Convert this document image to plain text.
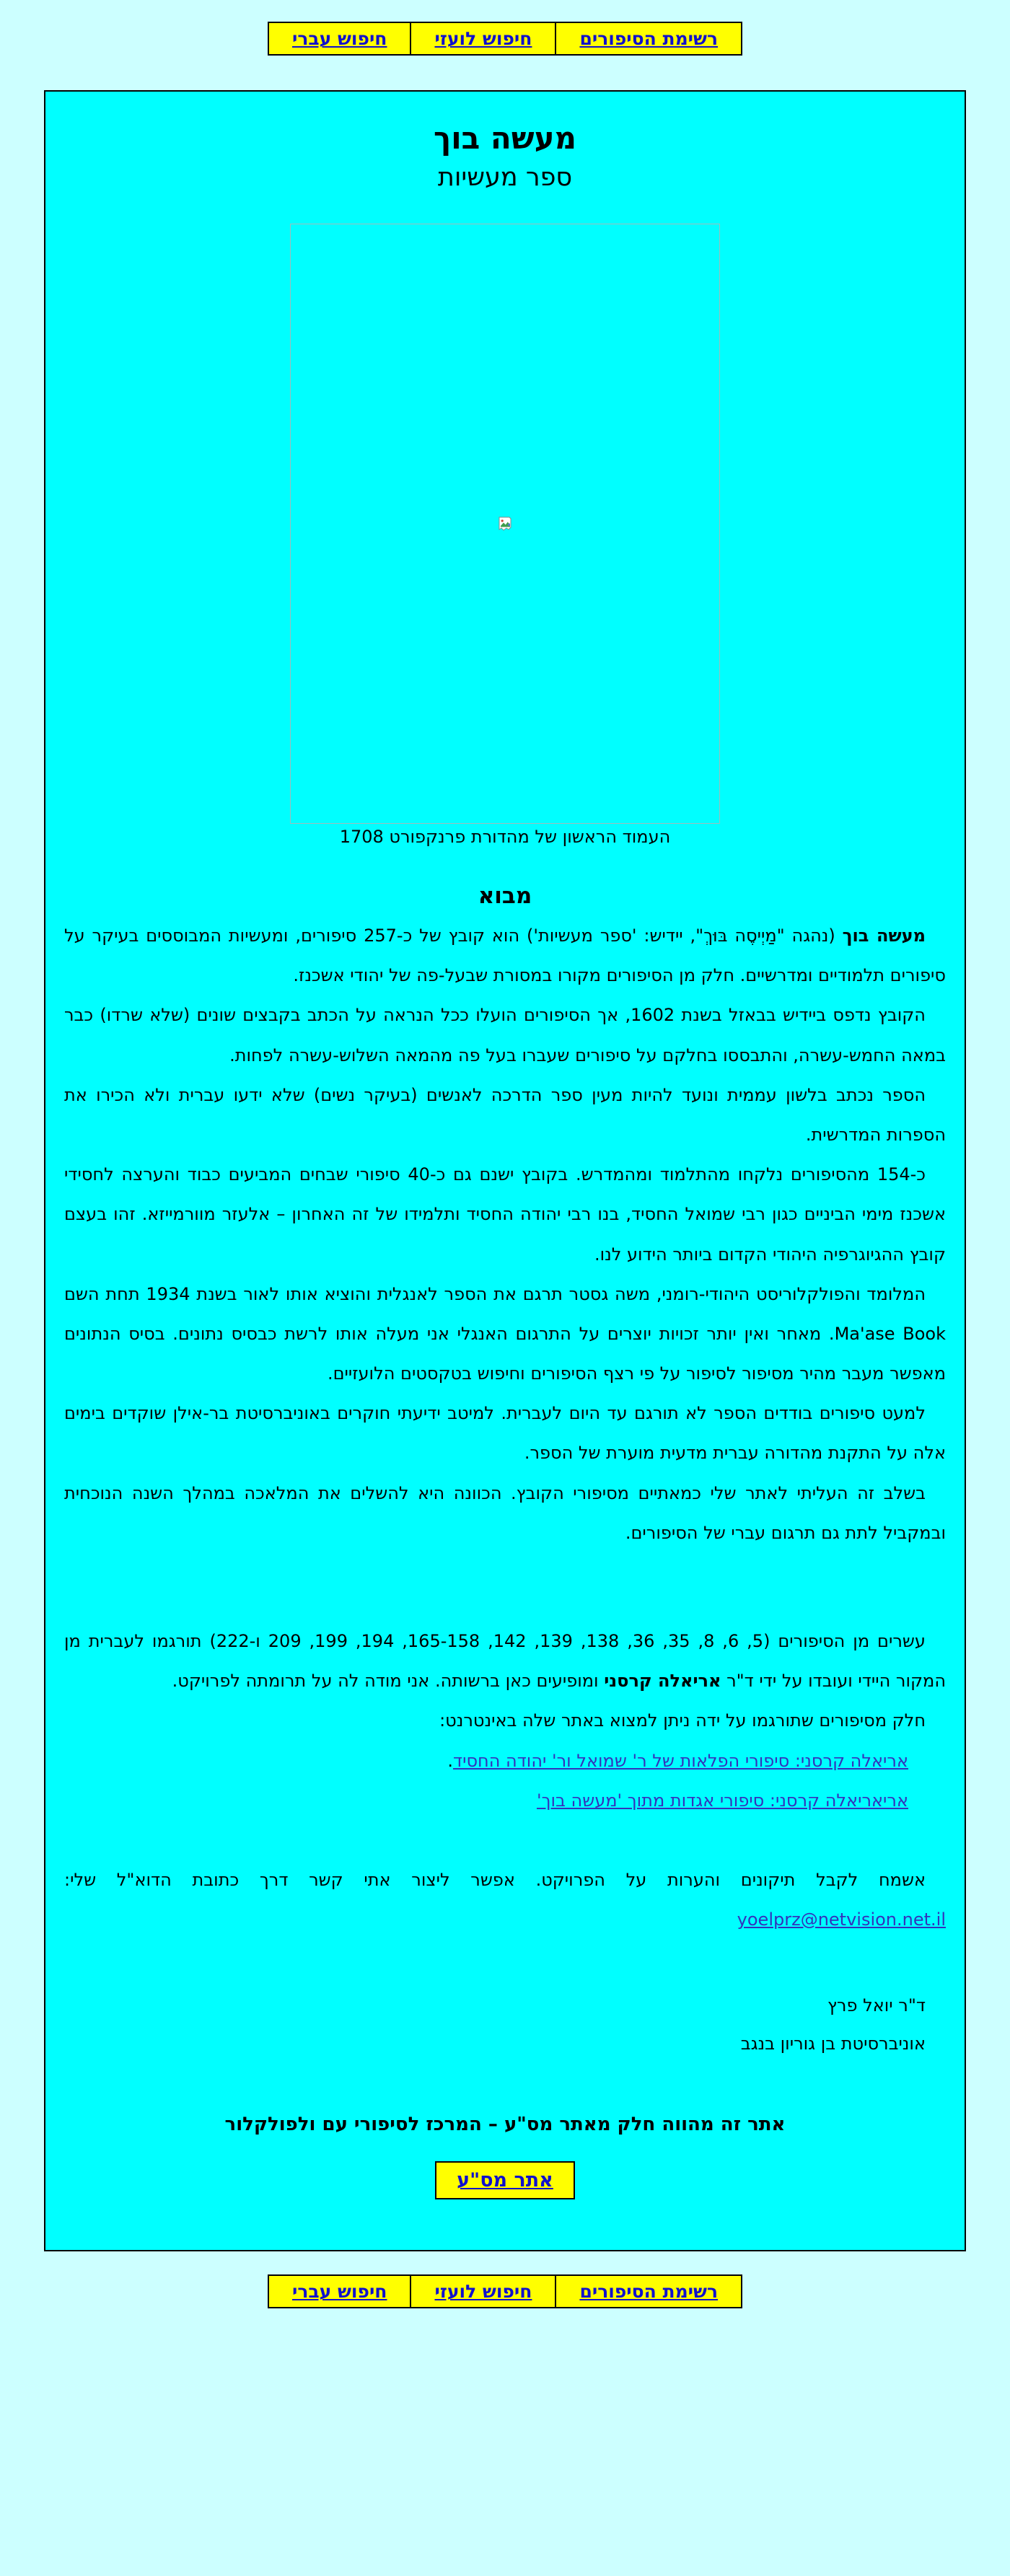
רשימת הסיפורים	חיפוש לועזי	חיפוש עברי
מעשה בוך
ספר מעשיות
העמוד הראשון של מהדורת פרנקפורט 1708
מבוא

מעשה בוך (נהגה "מַיְיסֶה בּוּךְ", יידיש: 'ספר מעשיות') הוא קובץ של כ-257 סיפורים, ומעשיות המבוססים בעיקר על סיפורים תלמודיים ומדרשיים. חלק מן הסיפורים מקורו במסורת שבעל-פה של יהודי אשכנז.

הקובץ נדפס ביידיש בבאזל בשנת 1602, אך הסיפורים הועלו ככל הנראה על הכתב בקבצים שונים (שלא שרדו) כבר במאה החמש-עשרה, והתבססו בחלקם על סיפורים שעברו בעל פה מהמאה השלוש-עשרה לפחות.

הספר נכתב בלשון עממית ונועד להיות מעין ספר הדרכה לאנשים (בעיקר נשים) שלא ידעו עברית ולא הכירו את הספרות המדרשית.

כ-154 מהסיפורים נלקחו מהתלמוד ומהמדרש. בקובץ ישנם גם כ-40 סיפורי שבחים המביעים כבוד והערצה לחסידי אשכנז מימי הביניים כגון רבי שמואל החסיד, בנו רבי יהודה החסיד ותלמידו של זה האחרון – אלעזר מוורמייזא. זהו בעצם קובץ ההגיוגרפיה היהודי הקדום ביותר הידוע לנו.

המלומד והפולקלוריסט היהודי-רומני, משה גסטר תרגם את הספר לאנגלית והוציא אותו לאור בשנת 1934 תחת השם Ma'ase Book. מאחר ואין יותר זכויות יוצרים על התרגום האנגלי אני מעלה אותו לרשת כבסיס נתונים. בסיס הנתונים מאפשר מעבר מהיר מסיפור לסיפור על פי רצף הסיפורים וחיפוש בטקסטים הלועזיים.

למעט סיפורים בודדים הספר לא תורגם עד היום לעברית. למיטב ידיעתי חוקרים באוניברסיטת בר-אילן שוקדים בימים אלה על התקנת מהדורה עברית מדעית מוערת של הספר.

בשלב זה העליתי לאתר שלי כמאתיים מסיפורי הקובץ. הכוונה היא להשלים את המלאכה במהלך השנה הנוכחית ובמקביל לתת גם תרגום עברי של הסיפורים.

עשרים מן הסיפורים (5, 6, 8, 35, 36, 138, 139, 142, 165-158, 194, 199, 209 ו-222) תורגמו לעברית מן המקור היידי ועובדו על ידי ד"ר אריאלה קרסני ומופיעים כאן ברשותה. אני מודה לה על תרומתה לפרויקט.

חלק מסיפורים שתורגמו על ידה ניתן למצוא באתר שלה באינטרנט:

אריאלה קרסני: סיפורי הפלאות של ר' שמואל ור' יהודה החסיד.
אריאריאלה קרסני: סיפורי אגדות מתוך 'מעשה בוך'

אשמח לקבל תיקונים והערות על הפרויקט. אפשר ליצור אתי קשר דרך כתובת הדוא"ל שלי: yoelprz@netvision.net.il

ד"ר יואל פרץ

אוניברסיטת בן גוריון בנגב

אתר זה מהווה חלק מאתר מס"ע – המרכז לסיפורי עם ולפולקלור
אתר מס"ע
רשימת הסיפורים	חיפוש לועזי	חיפוש עברי
